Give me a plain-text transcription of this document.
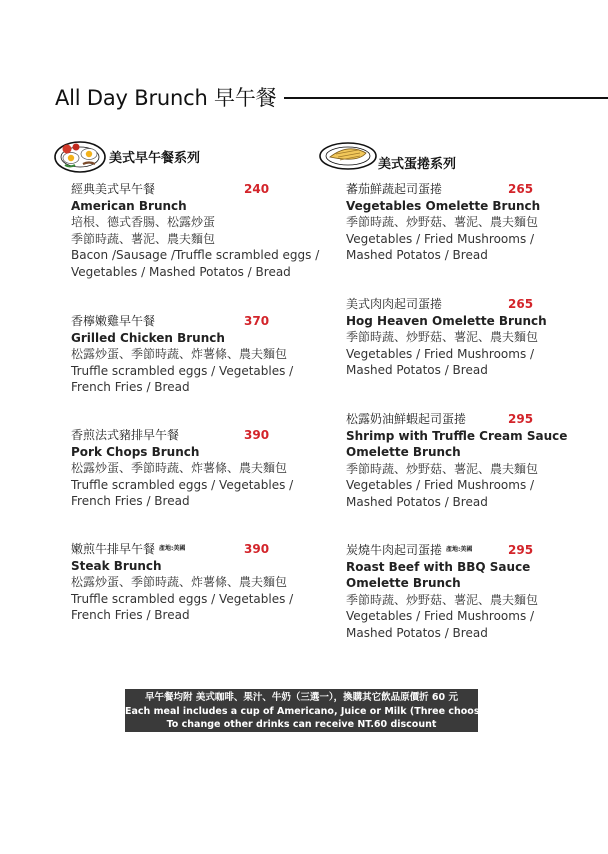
All Day Brunch 早午餐
美式早午餐系列	美式蛋捲系列
經典美式早午餐	240
American Brunch
培根、德式香腸、松露炒蛋
季節時蔬、薯泥、農夫麵包
Bacon /Sausage /Truffle scrambled eggs /
Vegetables / Mashed Potatos / Bread
香檸嫩雞早午餐	370
Grilled Chicken Brunch
松露炒蛋、季節時蔬、炸薯條、農夫麵包
Truffle scrambled eggs / Vegetables /
French Fries / Bread
香煎法式豬排早午餐	390
Pork Chops Brunch
松露炒蛋、季節時蔬、炸薯條、農夫麵包
Truffle scrambled eggs / Vegetables /
French Fries / Bread
嫩煎牛排早午餐 產地:美國	390
Steak Brunch
松露炒蛋、季節時蔬、炸薯條、農夫麵包
Truffle scrambled eggs / Vegetables /
French Fries / Bread
蕃茄鮮蔬起司蛋捲	265
Vegetables Omelette Brunch
季節時蔬、炒野菇、薯泥、農夫麵包
Vegetables / Fried Mushrooms /
Mashed Potatos / Bread
美式肉肉起司蛋捲	265
Hog Heaven Omelette Brunch
季節時蔬、炒野菇、薯泥、農夫麵包
Vegetables / Fried Mushrooms /
Mashed Potatos / Bread
松露奶油鮮蝦起司蛋捲	295
Shrimp with Truffle Cream Sauce
Omelette Brunch
季節時蔬、炒野菇、薯泥、農夫麵包
Vegetables / Fried Mushrooms /
Mashed Potatos / Bread
炭燒牛肉起司蛋捲 產地:美國	295
Roast Beef with BBQ Sauce
Omelette Brunch
季節時蔬、炒野菇、薯泥、農夫麵包
Vegetables / Fried Mushrooms /
Mashed Potatos / Bread
早午餐均附 美式咖啡、果汁、牛奶（三選一），換購其它飲品原價折 60 元
Each meal includes a cup of Americano, Juice or Milk (Three choose one)
To change other drinks can receive NT.60 discount
